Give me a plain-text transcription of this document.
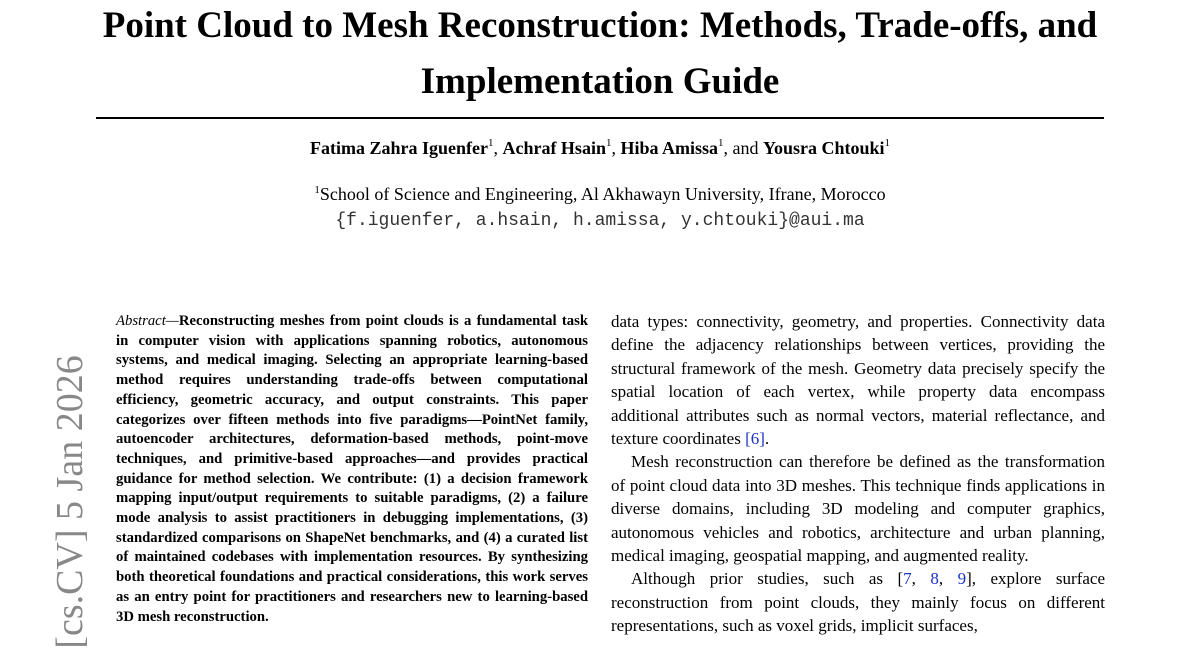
Point Cloud to Mesh Reconstruction: Methods, Trade-offs, and Implementation Guide
Fatima Zahra Iguenfer$^1$, Achraf Hsain$^1$, Hiba Amissa$^1$, and Yousra Chtouki$^1$
$^1$School of Science and Engineering, Al Akhawayn University, Ifrane, Morocco
{f.iguenfer, a.hsain, h.amissa, y.chtouki}@aui.ma
[cs.CV] 5 Jan 2026

Abstract—Reconstructing meshes from point clouds is a fundamental task in computer vision with applications spanning robotics, autonomous systems, and medical imaging. Selecting an appropriate learning-based method requires understanding trade-offs between computational efficiency, geometric accuracy, and output constraints. This paper categorizes over fifteen methods into five paradigms—PointNet family, autoencoder architectures, deformation-based methods, point-move techniques, and primitive-based approaches—and provides practical guidance for method selection. We contribute: (1) a decision framework mapping input/output requirements to suitable paradigms, (2) a failure mode analysis to assist practitioners in debugging implementations, (3) standardized comparisons on ShapeNet benchmarks, and (4) a curated list of maintained codebases with implementation resources. By synthesizing both theoretical foundations and practical considerations, this work serves as an entry point for practitioners and researchers new to learning-based 3D mesh reconstruction.

data types: connectivity, geometry, and properties. Connectivity data define the adjacency relationships between vertices, providing the structural framework of the mesh. Geometry data precisely specify the spatial location of each vertex, while property data encompass additional attributes such as normal vectors, material reflectance, and texture coordinates [6].

Mesh reconstruction can therefore be defined as the transformation of point cloud data into 3D meshes. This technique finds applications in diverse domains, including 3D modeling and computer graphics, autonomous vehicles and robotics, architecture and urban planning, medical imaging, geospatial mapping, and augmented reality.

Although prior studies, such as [7, 8, 9], explore surface reconstruction from point clouds, they mainly focus on different representations, such as voxel grids, implicit surfaces,
